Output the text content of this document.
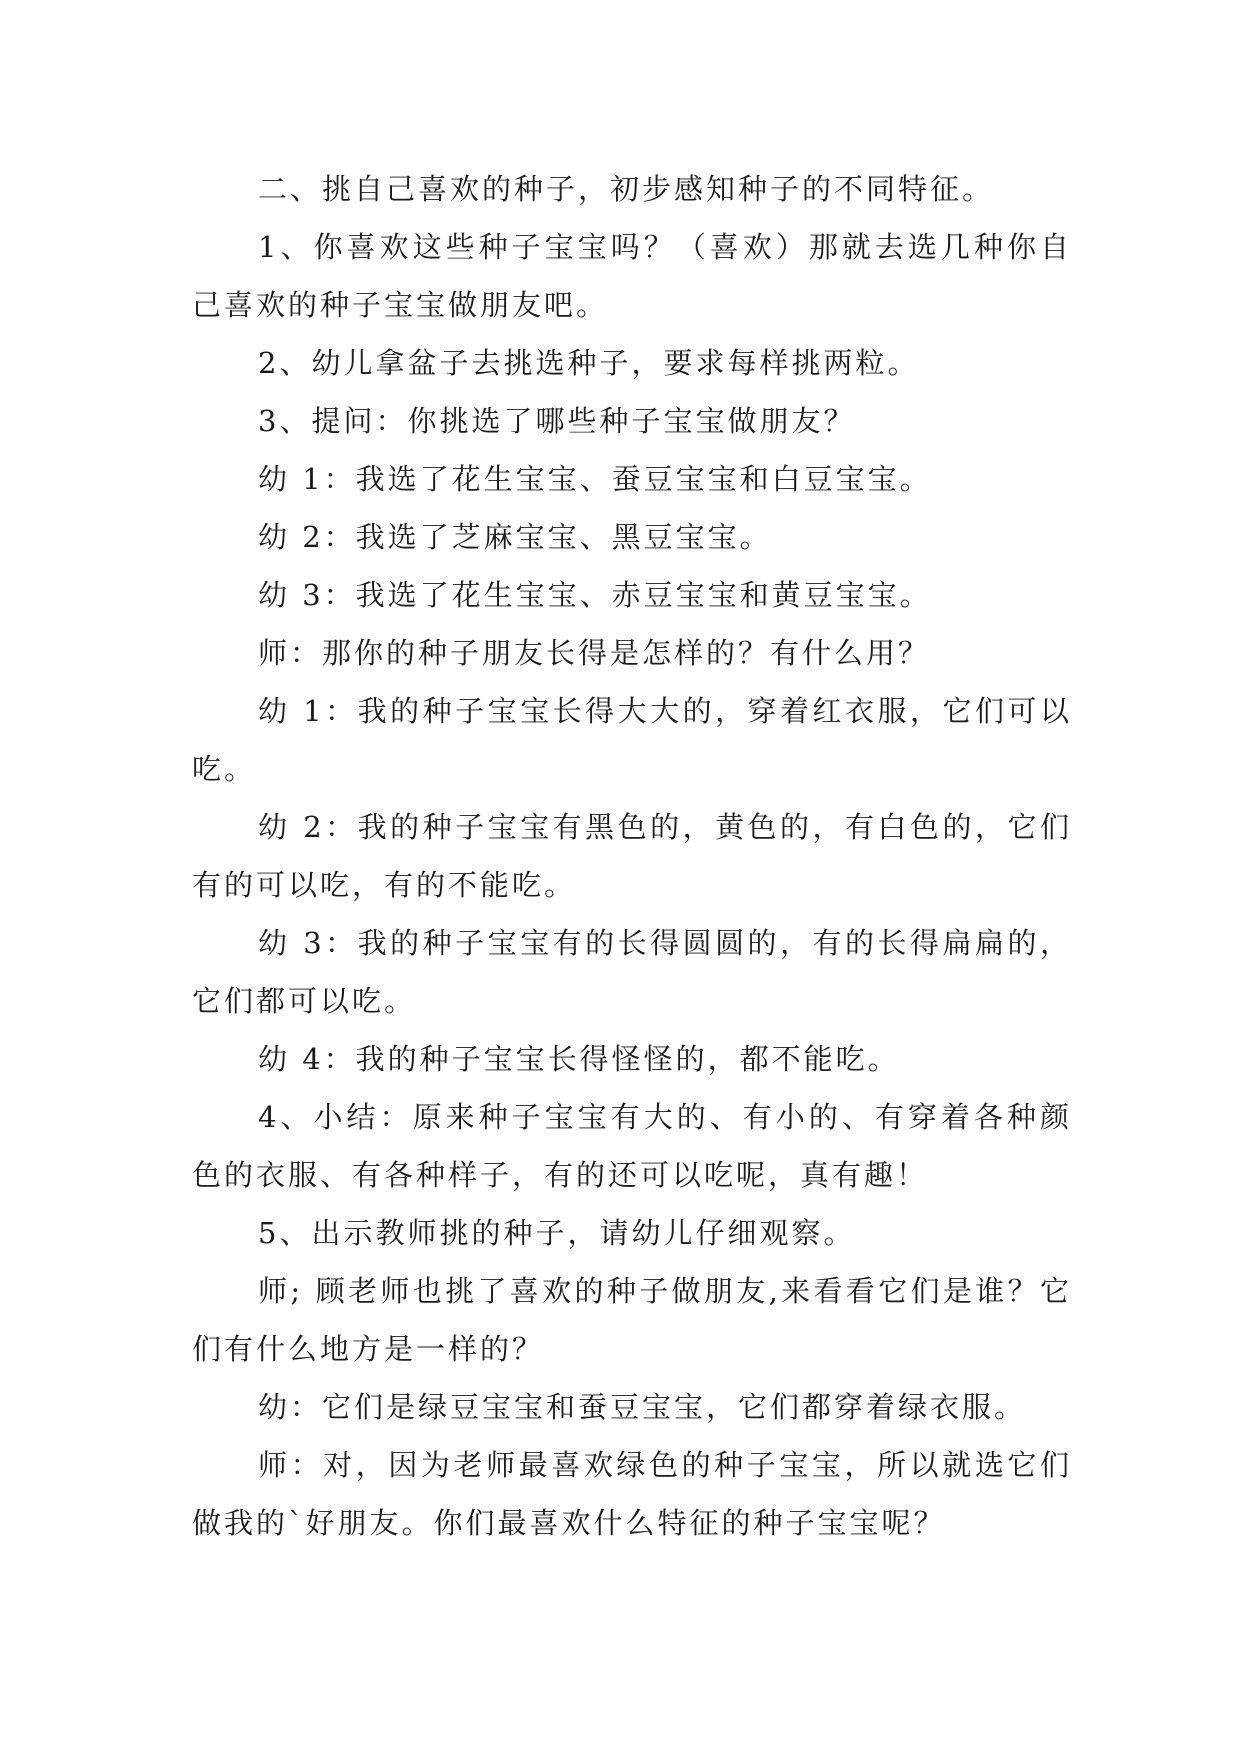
二、挑自己喜欢的种子，初步感知种子的不同特征。

1、你喜欢这些种子宝宝吗？（喜欢）那就去选几种你自己喜欢的种子宝宝做朋友吧。

2、幼儿拿盆子去挑选种子，要求每样挑两粒。

3、提问：你挑选了哪些种子宝宝做朋友？

幼 1：我选了花生宝宝、蚕豆宝宝和白豆宝宝。

幼 2：我选了芝麻宝宝、黑豆宝宝。

幼 3：我选了花生宝宝、赤豆宝宝和黄豆宝宝。

师：那你的种子朋友长得是怎样的？有什么用？

幼 1：我的种子宝宝长得大大的，穿着红衣服，它们可以吃。

幼 2：我的种子宝宝有黑色的，黄色的，有白色的，它们有的可以吃，有的不能吃。

幼 3：我的种子宝宝有的长得圆圆的，有的长得扁扁的，它们都可以吃。

幼 4：我的种子宝宝长得怪怪的，都不能吃。

4、小结：原来种子宝宝有大的、有小的、有穿着各种颜色的衣服、有各种样子，有的还可以吃呢，真有趣！

5、出示教师挑的种子，请幼儿仔细观察。

师; 顾老师也挑了喜欢的种子做朋友,来看看它们是谁？它们有什么地方是一样的？

幼：它们是绿豆宝宝和蚕豆宝宝，它们都穿着绿衣服。

师：对，因为老师最喜欢绿色的种子宝宝，所以就选它们做我的`好朋友。你们最喜欢什么特征的种子宝宝呢？
